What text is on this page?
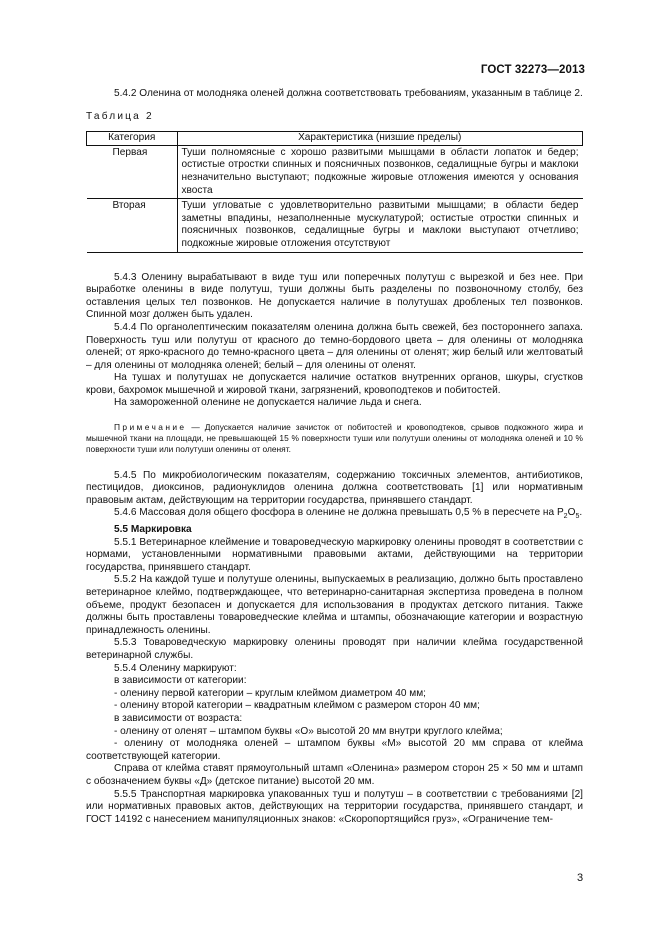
ГОСТ 32273—2013

5.4.2 Оленина от молодняка оленей должна соответствовать требованиям, указанным в таблице 2.

Таблица 2

Категория	Характеристика (низшие пределы)
Первая	Туши полномясные с хорошо развитыми мышцами в области лопаток и бедер; остистые отростки спинных и поясничных позвонков, седалищные бугры и маклоки незначительно выступают; подкожные жировые отложения имеются у основания хвоста
Вторая	Туши угловатые с удовлетворительно развитыми мышцами; в области бедер заметны впадины, незаполненные мускулатурой; остистые отростки спинных и поясничных позвонков, седалищные бугры и маклоки выступают отчетливо; подкожные жировые отложения отсутствуют

5.4.3 Оленину вырабатывают в виде туш или поперечных полутуш с вырезкой и без нее. При выработке оленины в виде полутуш, туши должны быть разделены по позвоночному столбу, без оставления целых тел позвонков. Не допускается наличие в полутушах дробленых тел позвонков. Спинной мозг должен быть удален.

5.4.4 По органолептическим показателям оленина должна быть свежей, без постороннего запаха. Поверхность туш или полутуш от красного до темно-бордового цвета – для оленины от молодняка оленей; от ярко-красного до темно-красного цвета – для оленины от оленят; жир белый или желтоватый – для оленины от молодняка оленей; белый – для оленины от оленят.

На тушах и полутушах не допускается наличие остатков внутренних органов, шкуры, сгустков крови, бахромок мышечной и жировой ткани, загрязнений, кровоподтеков и побитостей.

На замороженной оленине не допускается наличие льда и снега.

Примечание — Допускается наличие зачисток от побитостей и кровоподтеков, срывов подкожного жира и мышечной ткани на площади, не превышающей 15 % поверхности туши или полутуши оленины от молодняка оленей и 10 % поверхности туши или полутуши оленины от оленят.

5.4.5 По микробиологическим показателям, содержанию токсичных элементов, антибиотиков, пестицидов, диоксинов, радионуклидов оленина должна соответствовать [1] или нормативным правовым актам, действующим на территории государства, принявшего стандарт.

5.4.6 Массовая доля общего фосфора в оленине не должна превышать 0,5 % в пересчете на $P_2O_5$.

5.5 Маркировка

5.5.1 Ветеринарное клеймение и товароведческую маркировку оленины проводят в соответствии с нормами, установленными нормативными правовыми актами, действующими на территории государства, принявшего стандарт.

5.5.2 На каждой туше и полутуше оленины, выпускаемых в реализацию, должно быть проставлено ветеринарное клеймо, подтверждающее, что ветеринарно-санитарная экспертиза проведена в полном объеме, продукт безопасен и допускается для использования в продуктах детского питания. Также должны быть проставлены товароведческие клейма и штампы, обозначающие категории и возрастную принадлежность оленины.

5.5.3 Товароведческую маркировку оленины проводят при наличии клейма государственной ветеринарной службы.

5.5.4 Оленину маркируют:

в зависимости от категории:

- оленину первой категории – круглым клеймом диаметром 40 мм;

- оленину второй категории – квадратным клеймом с размером сторон 40 мм;

в зависимости от возраста:

- оленину от оленят – штампом буквы «О» высотой 20 мм внутри круглого клейма;

- оленину от молодняка оленей – штампом буквы «М» высотой 20 мм справа от клейма соответствующей категории.

Справа от клейма ставят прямоугольный штамп «Оленина» размером сторон 25 × 50 мм и штамп с обозначением буквы «Д» (детское питание) высотой 20 мм.

5.5.5 Транспортная маркировка упакованных туш и полутуш – в соответствии с требованиями [2] или нормативных правовых актов, действующих на территории государства, принявшего стандарт, и ГОСТ 14192 с нанесением манипуляционных знаков: «Скоропортящийся груз», «Ограничение тем-

3
